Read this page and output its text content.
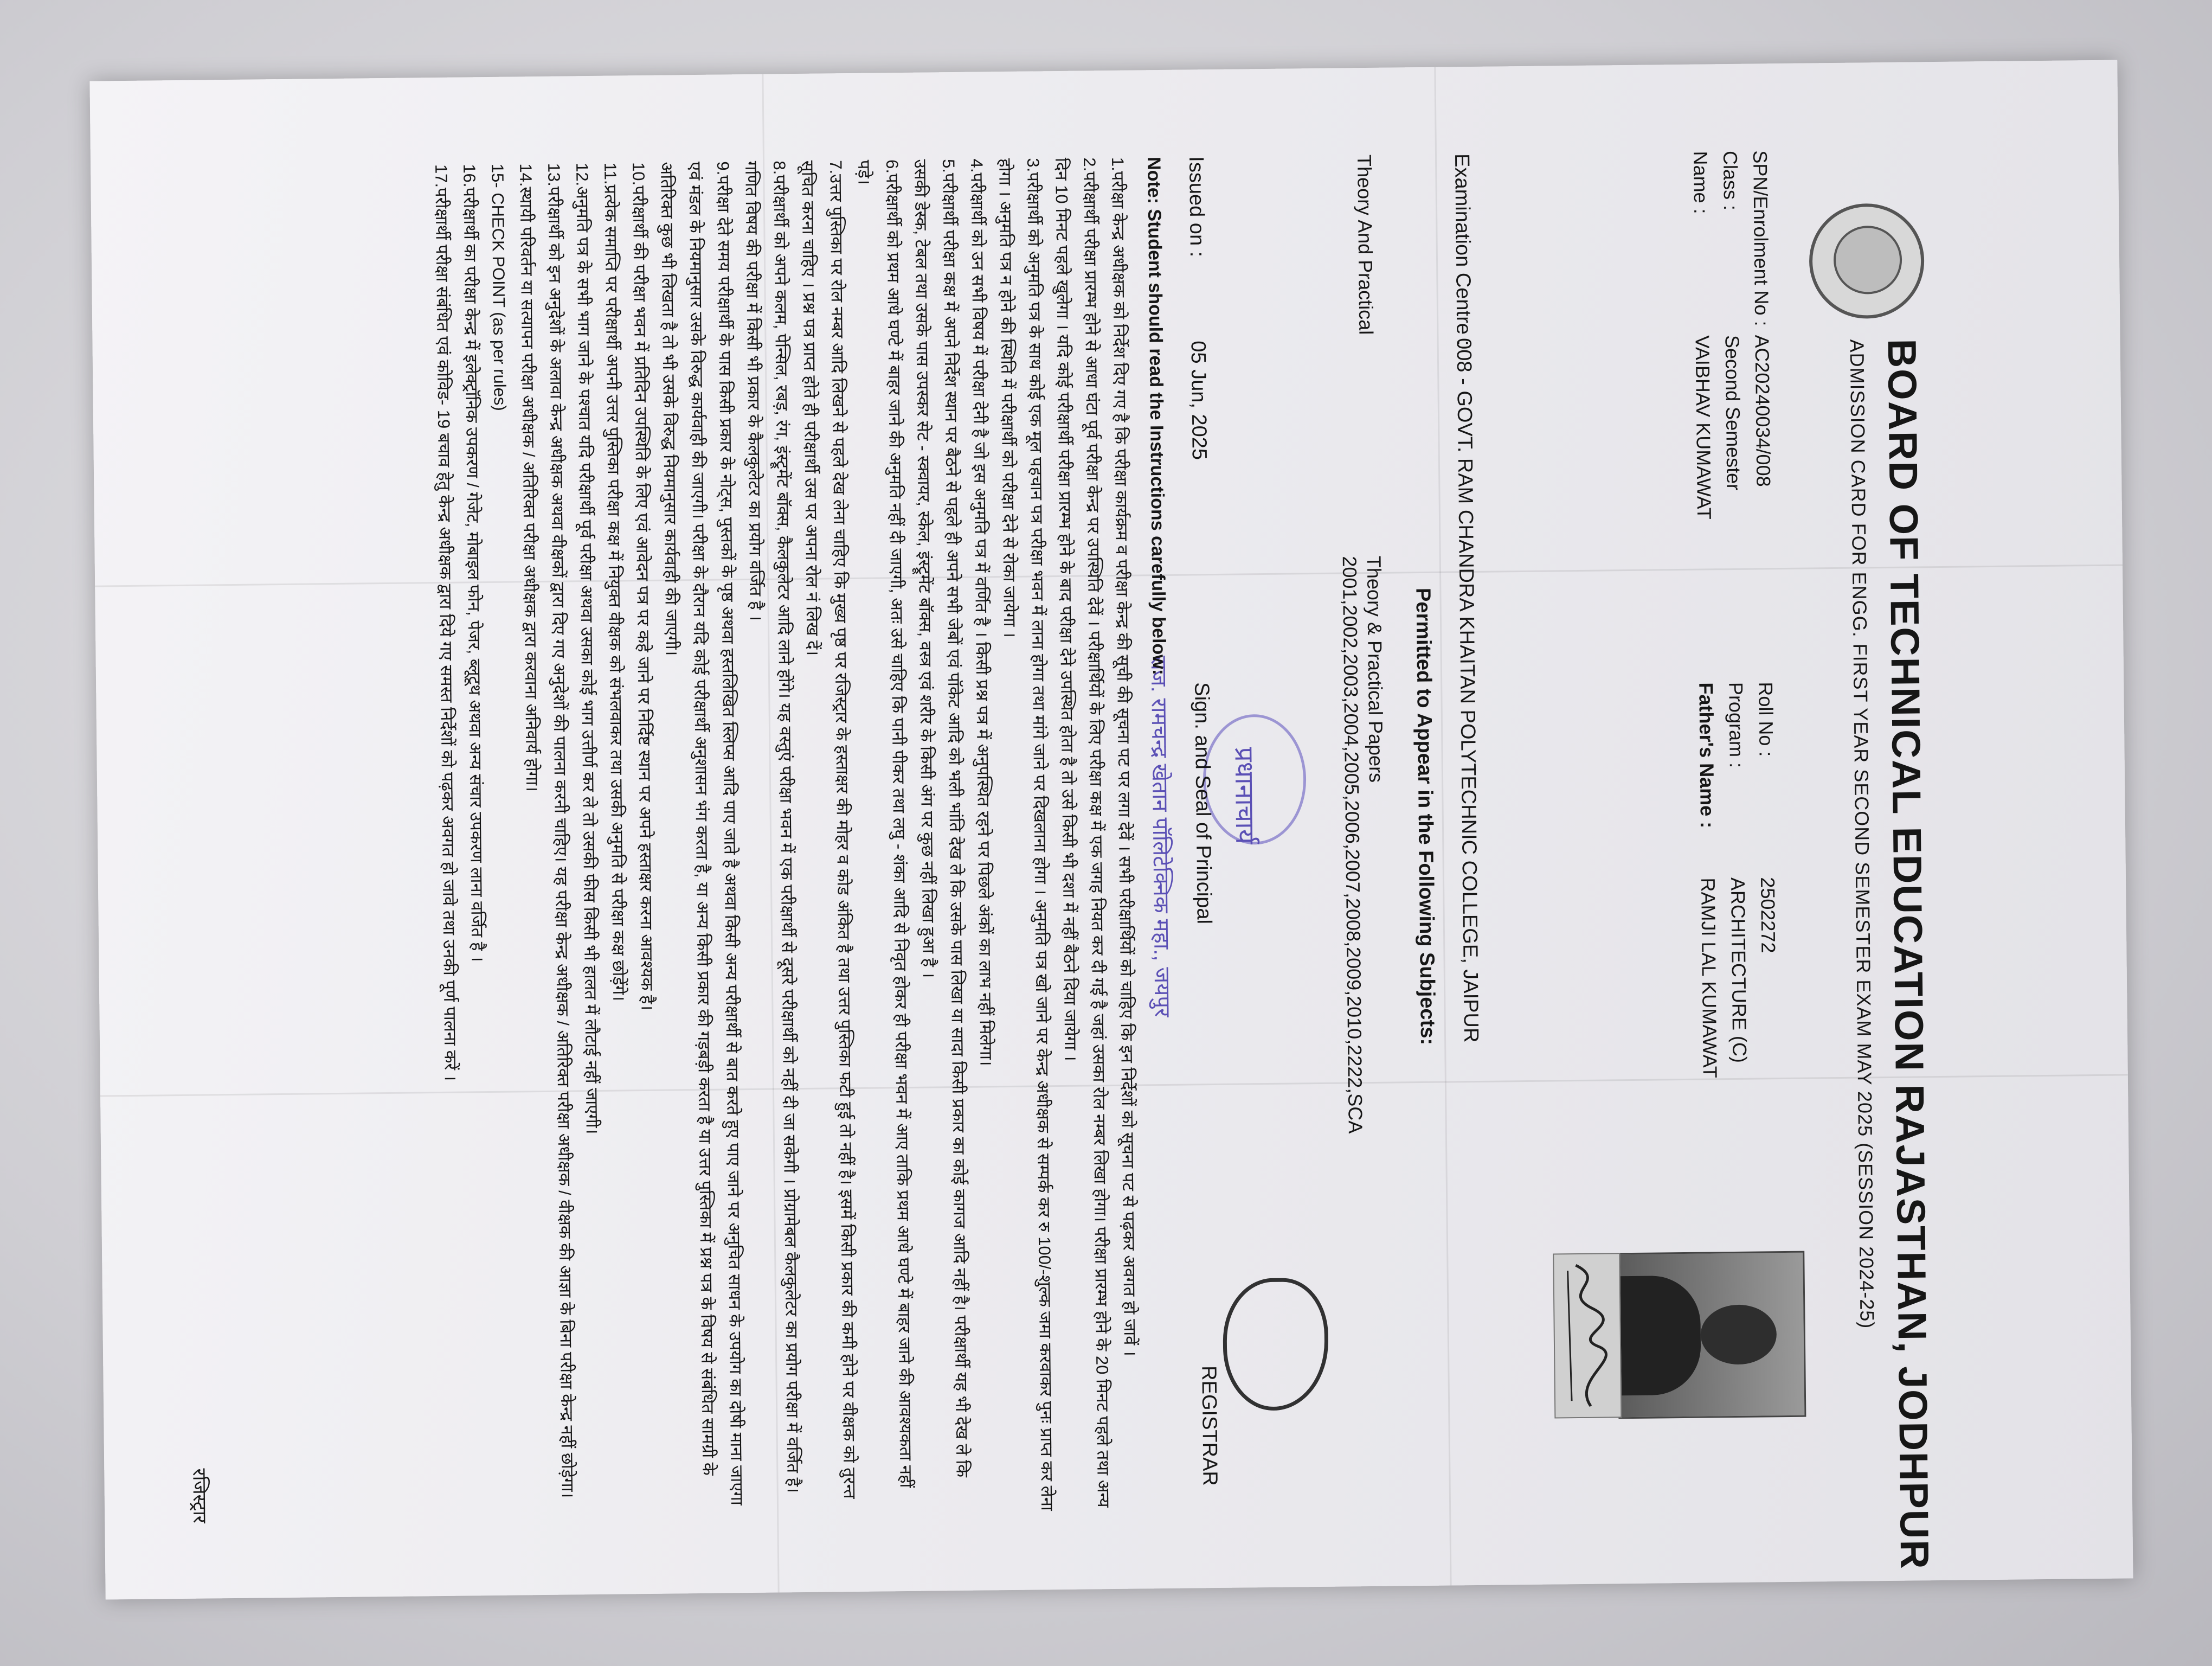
BOARD OF TECHNICAL EDUCATION RAJASTHAN, JODHPUR
ADMISSION CARD FOR ENGG. FIRST YEAR SECOND SEMESTER EXAM MAY 2025 (SESSION 2024-25)
SPN/Enrolment No :
AC20240034/008
Class :
Second Semester
Name :
VAIBHAV KUMAWAT
Roll No :
2502272
Program :
ARCHITECTURE (C)
Father's Name :
RAMJI LAL KUMAWAT
Examination Centre :
008 - GOVT. RAM CHANDRA KHAITAN POLYTECHNIC COLLEGE, JAIPUR
Permitted to Appear in the Following Subjects:
Theory And Practical
Theory & Practical Papers
2001,2002,2003,2004,2005,2006,2007,2008,2009,2010,2222,SCA
प्रधानाचार्य
Issued on :
05 Jun, 2025
Sign. and Seal of Principal
REGISTRAR
राज. रामचन्द्र खेतान पॉलिटेक्निक महा., जयपुर
Note: Student should read the Instructions carefully below:

1.परीक्षा केन्द्र अधीक्षक को निर्देश दिए गए है कि परीक्षा कार्यक्रम व परीक्षा केन्द्र की सूची की सूचना पट पर लगा देवें । सभी परीक्षार्थियों को चाहिए कि इन निर्देशों को सूचना पट से पढ़कर अवगत हो जावें ।

2.परीक्षार्थी परीक्षा प्रारम्भ होने से आधा घंटा पूर्व परीक्षा केन्द्र पर उपस्थिति देवें । परीक्षार्थियों के लिए परीक्षा कक्ष में एक जगह नियत कर दी गई है जहां उसका रोल नम्बर लिखा होगा। परीक्षा प्रारम्भ होने के 20 मिनट पहले तथा अन्य दिन 10 मिनट पहले खुलेगा । यदि कोई परीक्षार्थी परीक्षा प्रारम्भ होने के बाद परीक्षा देने उपस्थित होता है तो उसे किसी भी दशा में नहीं बैठने दिया जायेगा ।

3.परीक्षार्थी को अनुमति पत्र के साथ कोई एक मूल पहचान पत्र परीक्षा भवन में लाना होगा तथा मांगे जाने पर दिखलाना होगा । अनुमति पत्र खो जाने पर केन्द्र अधीक्षक से सम्पर्क कर रु 100/-शुल्क जमा करवाकर पुनः प्राप्त कर लेना होगा । अनुमति पत्र न होने की स्थिति में परीक्षार्थी को परीक्षा देने से रोका जायेगा ।

4.परीक्षार्थी को उन सभी विषय में परीक्षा देनी है जो इस अनुमति पत्र में वर्णित है । किसी प्रश्न पत्र में अनुपस्थित रहने पर पिछले अंकों का लाभ नहीं मिलेगा।

5.परीक्षार्थी परीक्षा कक्ष में अपने निर्देश स्थान पर बैठने से पहले ही अपने सभी जेबों एवं पॉकेट आदि को भली भांति देख ले कि उसके पास लिखा या सादा किसी प्रकार का कोई कागज आदि नहीं है। परीक्षार्थी यह भी देख ले कि उसकी डेस्क, टेबल तथा उसके पास उपस्कर सेट - स्क्वायर, स्केल, इंस्ट्रूमेंट बॉक्स, वस्त्र एवं शरीर के किसी अंग पर कुछ नहीं लिखा हुआ है ।

6.परीक्षार्थी को प्रथम आधे घण्टे में बाहर जाने की अनुमति नहीं दी जाएगी, अतः उसे चाहिए कि पानी पीकर तथा लघु - शंका आदि से निवृत होकर ही परीक्षा भवन में आए ताकि प्रथम आधे घण्टे में बाहर जाने की आवश्यकता नहीं पड़े।

7.उत्तर पुस्तिका पर रोल नम्बर आदि लिखने से पहले देख लेना चाहिए कि मुख्य पृष्ठ पर रजिस्ट्रार के हस्ताक्षर की मोहर व कोड अंकित है तथा उत्तर पुस्तिका फटी हुई तो नहीं है। इसमें किसी प्रकार की कमी होने पर वीक्षक को तुरन्त सूचित करना चाहिए । प्रश्न पत्र प्राप्त होते ही परीक्षार्थी उस पर अपना रोल नं लिख दें।

8.परीक्षार्थी को अपने कलम, पेन्सिल, रबड़, रंग, इंस्ट्रूमेंट बॉक्स, कैलकुलेटर आदि लाने होंगे। यह वस्तुएं परीक्षा भवन में एक परीक्षार्थी से दूसरे परीक्षार्थी को नहीं दी जा सकेगी । प्रोग्रामेबल कैलकुलेटर का प्रयोग परीक्षा में वर्जित है। गणित विषय की परीक्षा में किसी भी प्रकार के कैलकुलेटर का प्रयोग वर्जित है ।

9.परीक्षा देते समय परीक्षार्थी के पास किसी प्रकार के नोट्स, पुस्तकों के पृष्ठ अथवा हस्तलिखित स्लिप्स आदि पाए जाते है अथवा किसी अन्य परीक्षार्थी से बात करते हुए पाए जाने पर अनुचित साधन के उपयोग का दोषी माना जाएगा एवं मंडल के नियमानुसार उसके विरुद्ध कार्यवाही की जाएगी। परीक्षा के दौरान यदि कोई परीक्षार्थी अनुशासन भंग करता है, या अन्य किसी प्रकार की गड़बड़ी करता है या उत्तर पुस्तिका में प्रश्न पत्र के विषय से संबंधित सामग्री के अतिरिक्त कुछ भी लिखता है तो भी उसके विरुद्ध नियमानुसार कार्यवाही की जाएगी।

10.परीक्षार्थी की परीक्षा भवन में प्रतिदिन उपस्थिति के लिए एवं आवेदन पत्र पर कहे जाने पर निर्दिष्ट स्थान पर अपने हस्ताक्षर करना आवश्यक है।

11.प्रत्येक समाप्ति पर परीक्षार्थी अपनी उत्तर पुस्तिका परीक्षा कक्ष में नियुक्त वीक्षक को संभलवाकर तथा उसकी अनुमति से परीक्षा कक्ष छोड़ेंगे।

12.अनुमति पत्र के सभी भाग जाने के पश्चात यदि परीक्षार्थी पूर्व परीक्षा अथवा उसका कोई भाग उत्तीर्ण कर ले तो उसकी फीस किसी भी हालत में लौटाई नहीं जाएगी।

13.परीक्षार्थी को इन अनुदेशों के अलावा केन्द्र अधीक्षक अथवा वीक्षकों द्वारा दिए गए अनुदेशों की पालना करनी चाहिए। यह परीक्षा केन्द्र अधीक्षक / अतिरिक्त परीक्षा अधीक्षक / वीक्षक की आज्ञा के बिना परीक्षा केन्द्र नहीं छोड़ेगा।

14.स्थायी परिवर्तन या सत्यापन परीक्षा अधीक्षक / अतिरिक्त परीक्षा अधीक्षक द्वारा करवाना अनिवार्य होगा।

15- CHECK POINT (as per rules)

16.परीक्षार्थी का परीक्षा केन्द्र में इलेक्ट्रॉनिक उपकरण / गेजेट, मोबाइल फोन, पेजर, ब्लूटूथ अथवा अन्य संचार उपकरण लाना वर्जित है ।

17.परीक्षार्थी परीक्षा संबंधित एवं कोविड- 19 बचाव हेतु केन्द्र अधीक्षक द्वारा दिये गए समस्त निर्देशों को पढ़कर अवगत हो जावे तथा उनकी पूर्ण पालना करें ।

रजिस्ट्रार
